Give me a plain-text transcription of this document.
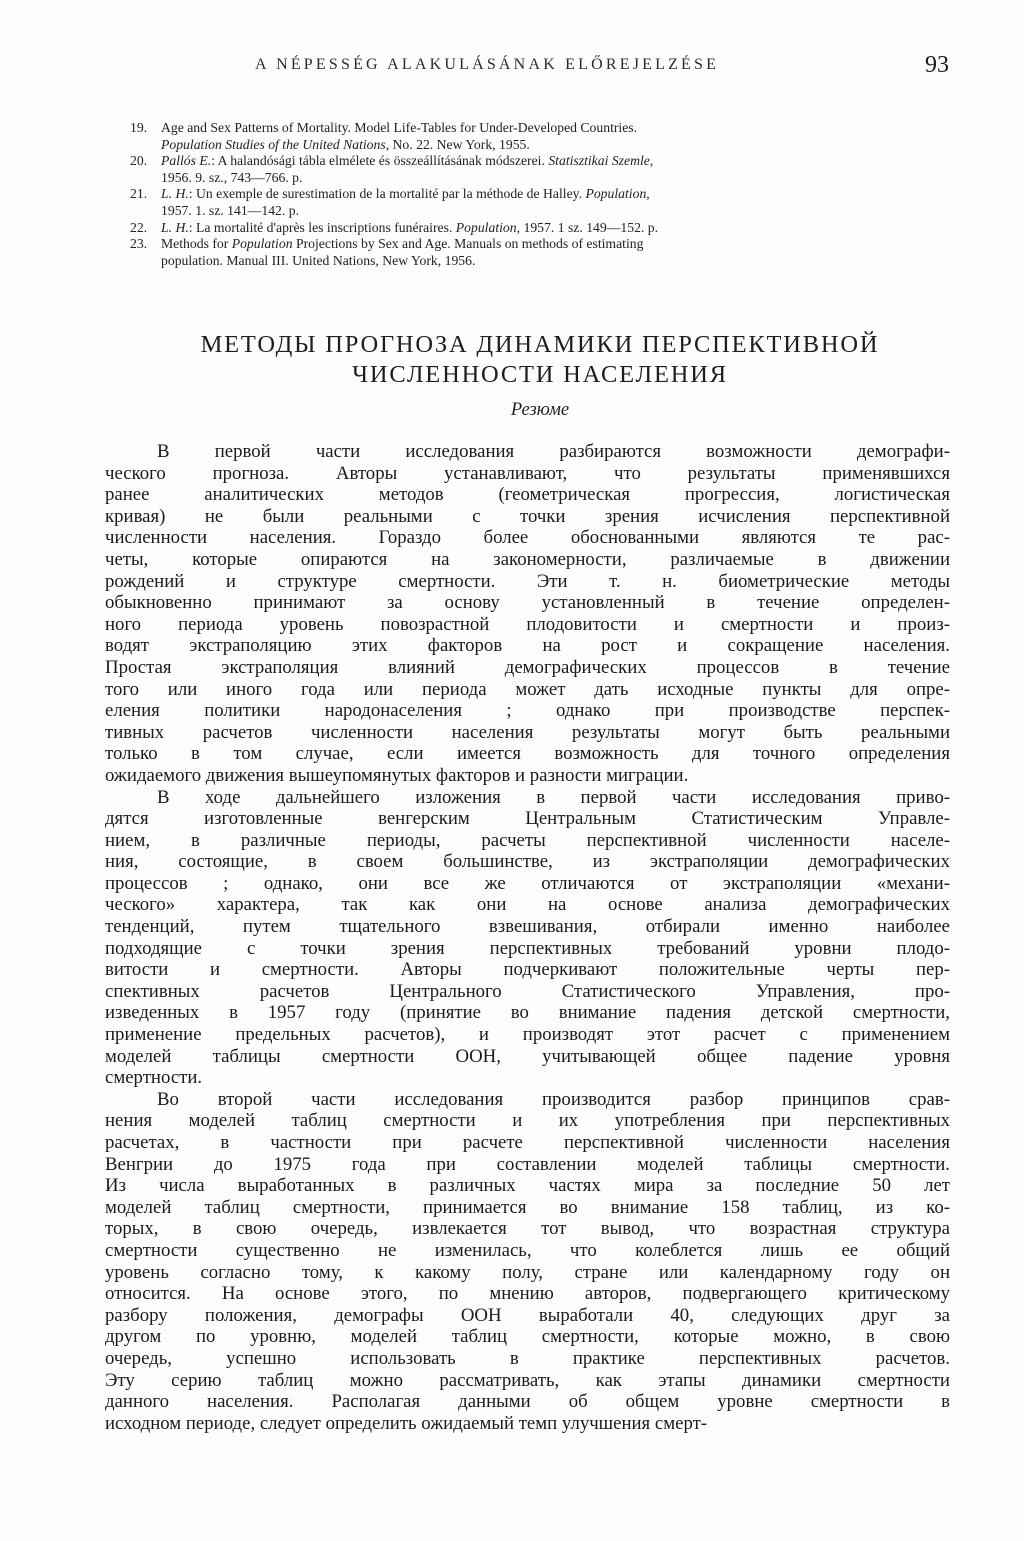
A NÉPESSÉG ALAKULÁSÁNAK ELŐREJELZÉSE	93
19. Age and Sex Patterns of Mortality. Model Life-Tables for Under-Developed Countries.
Population Studies of the United Nations, No. 22. New York, 1955.
20. Pallós E.: A halandósági tábla elmélete és összeállításának módszerei. Statisztikai Szemle,
1956. 9. sz., 743—766. p.
21. L. H.: Un exemple de surestimation de la mortalité par la méthode de Halley. Population,
1957. 1. sz. 141—142. p.
22. L. H.: La mortalité d'après les inscriptions funéraires. Population, 1957. 1 sz. 149—152. p.
23. Methods for Population Projections by Sex and Age. Manuals on methods of estimating
population. Manual III. United Nations, New York, 1956.
МЕТОДЫ ПРОГНОЗА ДИНАМИКИ ПЕРСПЕКТИВНОЙ
ЧИСЛЕННОСТИ НАСЕЛЕНИЯ
Резюме
В первой части исследования разбираются возможности демографи-
ческого прогноза. Авторы устанавливают, что результаты применявшихся
ранее аналитических методов (геометрическая прогрессия, логистическая
кривая) не были реальными с точки зрения исчисления перспективной
численности населения. Гораздо более обоснованными являются те рас-
четы, которые опираются на закономерности, различаемые в движении
рождений и структуре смертности. Эти т. н. биометрические методы
обыкновенно принимают за основу установленный в течение определен-
ного периода уровень повозрастной плодовитости и смертности и произ-
водят экстраполяцию этих факторов на рост и сокращение населения.
Простая экстраполяция влияний демографических процессов в течение
того или иного года или периода может дать исходные пункты для опре-
еления политики народонаселения ; однако при производстве перспек-
тивных расчетов численности населения результаты могут быть реальными
только в том случае, если имеется возможность для точного определения
ожидаемого движения вышеупомянутых факторов и разности миграции.
В ходе дальнейшего изложения в первой части исследования приво-
дятся изготовленные венгерским Центральным Статистическим Управле-
нием, в различные периоды, расчеты перспективной численности населе-
ния, состоящие, в своем большинстве, из экстраполяции демографических
процессов ; однако, они все же отличаются от экстраполяции «механи-
ческого» характера, так как они на основе анализа демографических
тенденций, путем тщательного взвешивания, отбирали именно наиболее
подходящие с точки зрения перспективных требований уровни плодо-
витости и смертности. Авторы подчеркивают положительные черты пер-
спективных расчетов Центрального Статистического Управления, про-
изведенных в 1957 году (принятие во внимание падения детской смертности,
применение предельных расчетов), и производят этот расчет с применением
моделей таблицы смертности ООН, учитывающей общее падение уровня
смертности.
Во второй части исследования производится разбор принципов срав-
нения моделей таблиц смертности и их употребления при перспективных
расчетах, в частности при расчете перспективной численности населения
Венгрии до 1975 года при составлении моделей таблицы смертности.
Из числа выработанных в различных частях мира за последние 50 лет
моделей таблиц смертности, принимается во внимание 158 таблиц, из ко-
торых, в свою очередь, извлекается тот вывод, что возрастная структура
смертности существенно не изменилась, что колеблется лишь ее общий
уровень согласно тому, к какому полу, стране или календарному году он
относится. На основе этого, по мнению авторов, подвергающего критическому
разбору положения, демографы ООН выработали 40, следующих друг за
другом по уровню, моделей таблиц смертности, которые можно, в свою
очередь, успешно использовать в практике перспективных расчетов.
Эту серию таблиц можно рассматривать, как этапы динамики смертности
данного населения. Располагая данными об общем уровне смертности в
исходном периоде, следует определить ожидаемый темп улучшения смерт-
